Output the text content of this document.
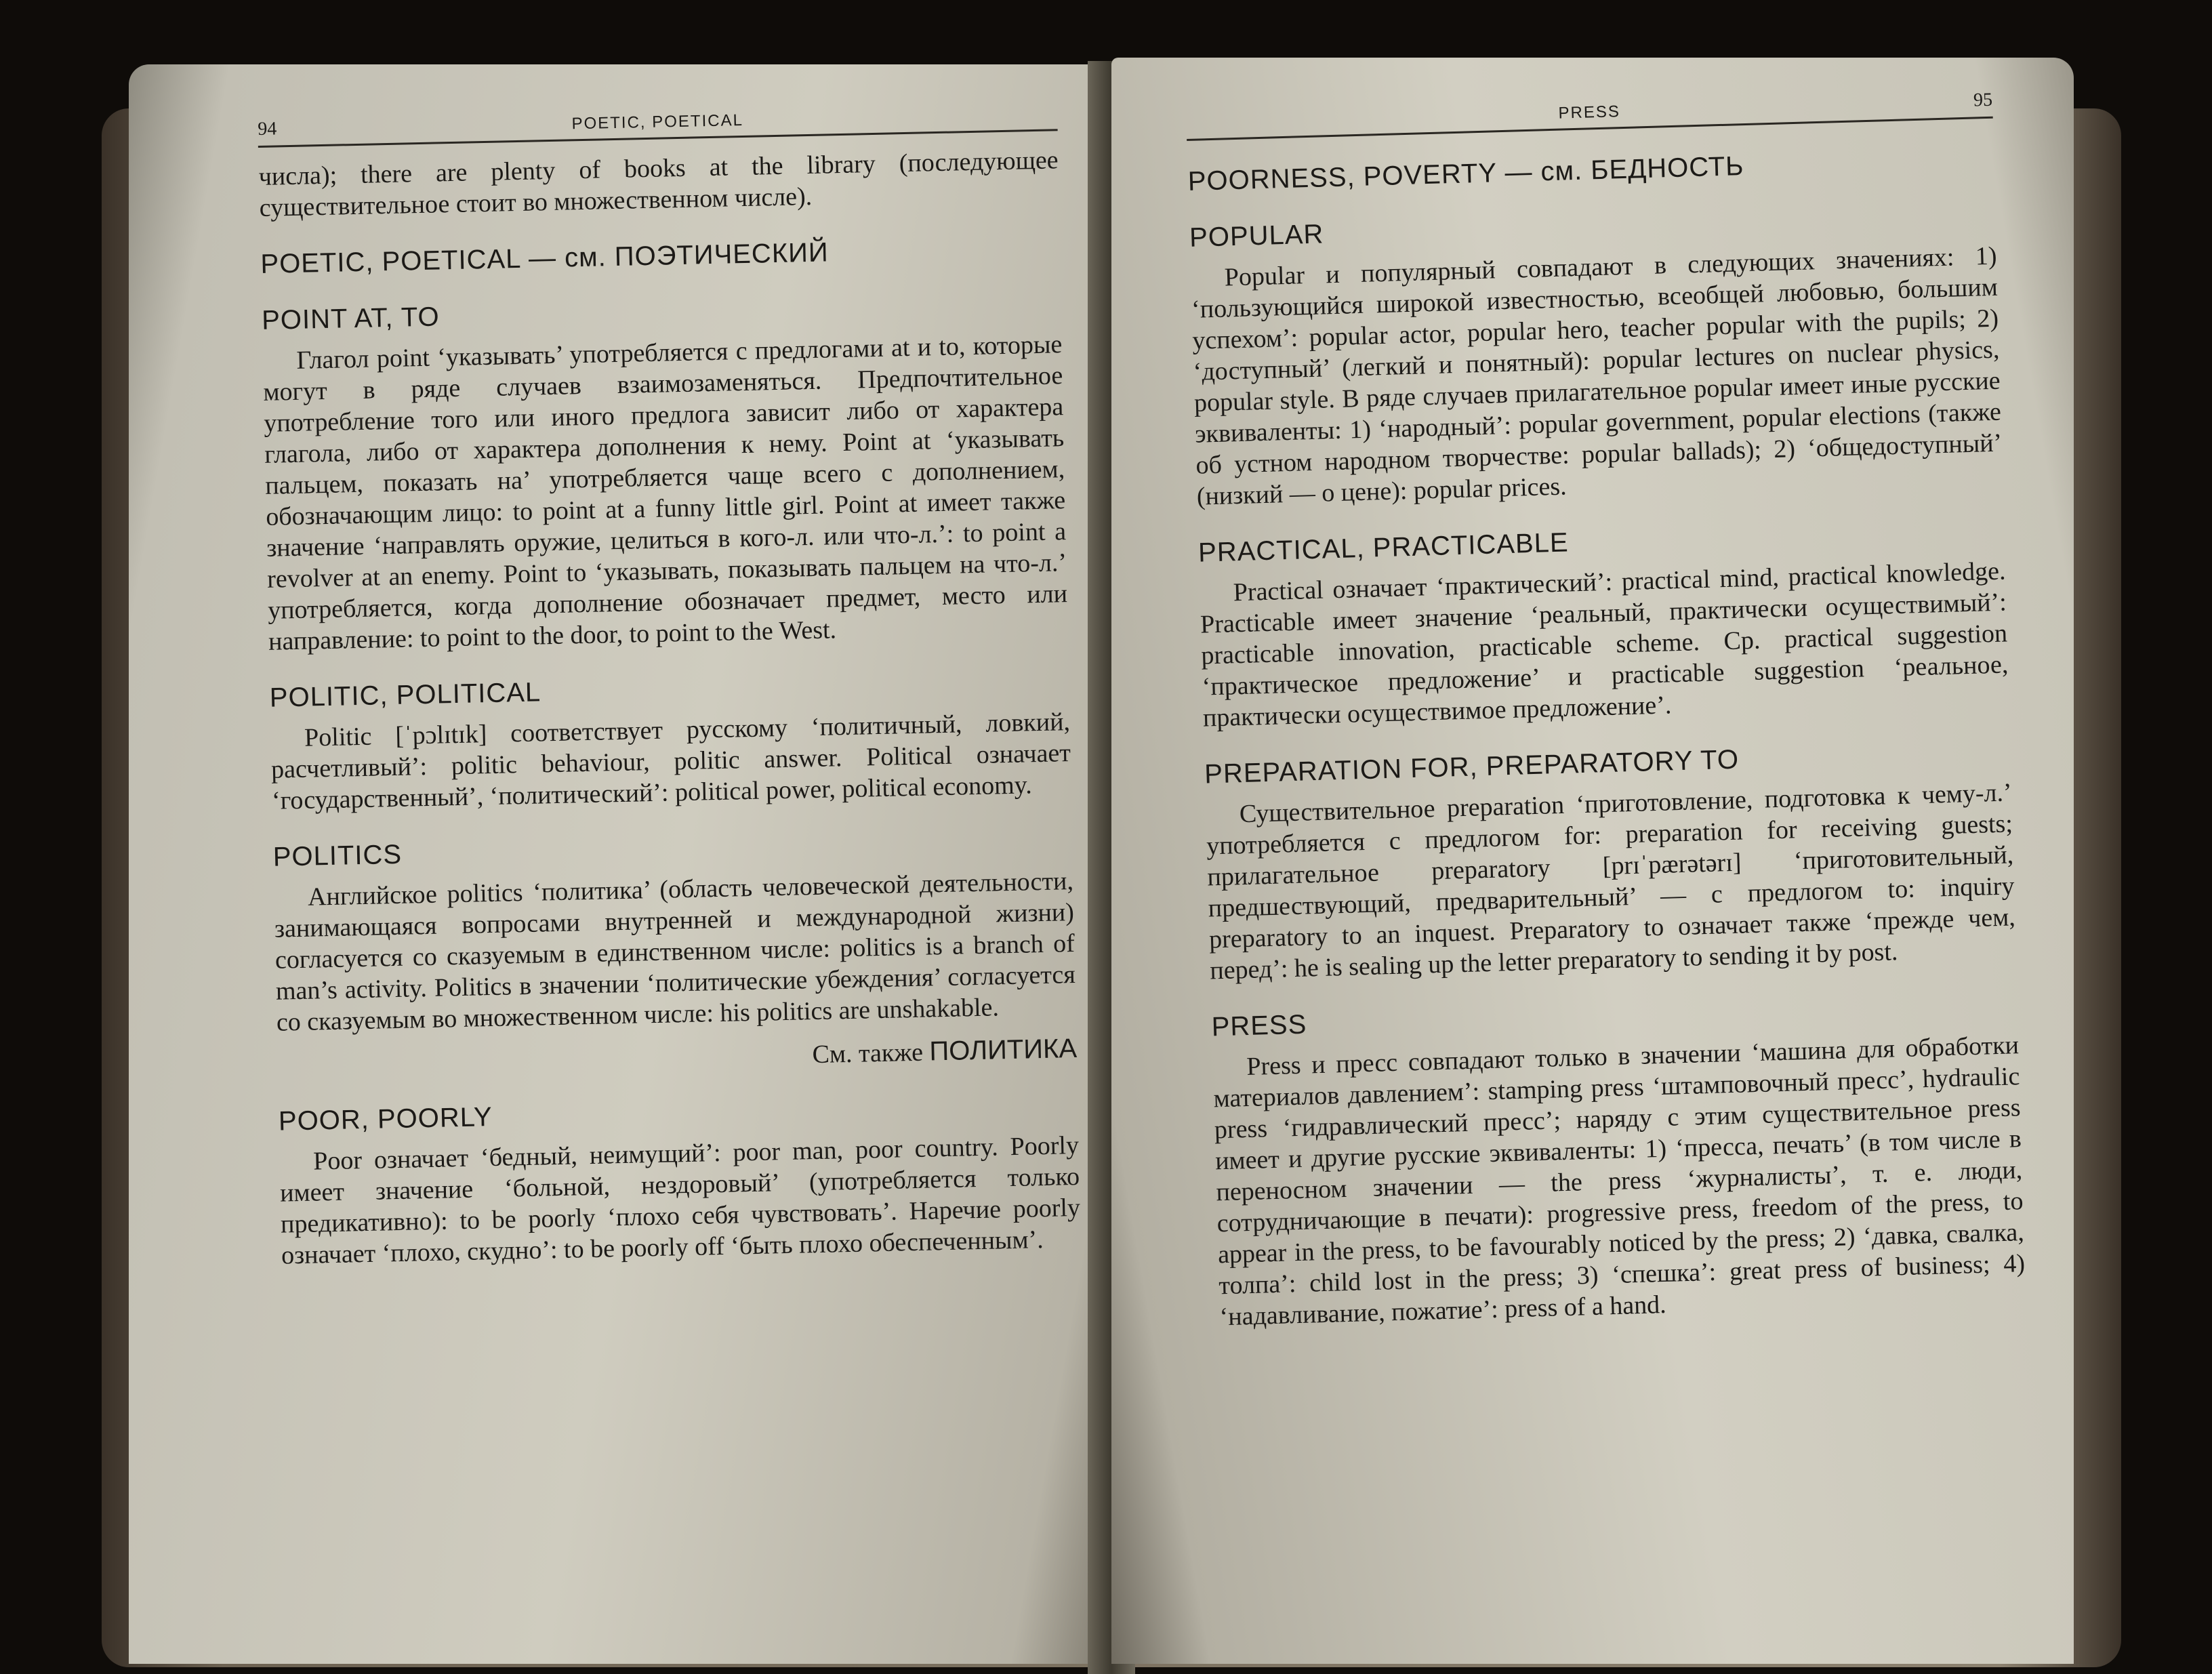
94	POETIC, POETICAL

числа); there are plenty of books at the library (последующее существительное стоит во множественном числе).

POETIC, POETICAL — см. ПОЭТИЧЕСКИЙ
POINT AT, TO

Глагол point ‘указывать’ употребляется с предлогами at и to, которые могут в ряде случаев взаимозаменяться. Предпочтительное употребление того или иного предлога зависит либо от характера глагола, либо от характера дополнения к нему. Point at ‘указывать пальцем, показать на’ употребляется чаще всего с дополнением, обозначающим лицо: to point at a funny little girl. Point at имеет также значение ‘направлять оружие, целиться в кого-л. или что-л.’: to point a revolver at an enemy. Point to ‘указывать, показывать пальцем на что-л.’ употребляется, когда дополнение обозначает предмет, место или направление: to point to the door, to point to the West.

POLITIC, POLITICAL

Politic [ˈpɔlɪtɪk] соответствует русскому ‘политичный, ловкий, расчетливый’: politic behaviour, politic answer. Political означает ‘государственный’, ‘политический’: political power, political economy.

POLITICS

Английское politics ‘политика’ (область человеческой деятельности, занимающаяся вопросами внутренней и международной жизни) согласуется со сказуемым в единственном числе: politics is a branch of man’s activity. Politics в значении ‘политические убеждения’ согласуется со сказуемым во множественном числе: his politics are unshakable.

См. также ПОЛИТИКА
POOR, POORLY

Poor означает ‘бедный, неимущий’: poor man, poor country. Poorly имеет значение ‘больной, нездоровый’ (употребляется только предикативно): to be poorly ‘плохо себя чувствовать’. Наречие poorly означает ‘плохо, скудно’: to be poorly off ‘быть плохо обеспеченным’.

PRESS
95
POORNESS, POVERTY — см. БЕДНОСТЬ
POPULAR

Popular и популярный совпадают в следующих значениях: 1) ‘пользующийся широкой известностью, всеобщей любовью, большим успехом’: popular actor, popular hero, teacher popular with the pupils; 2) ‘доступный’ (легкий и понятный): popular lectures on nuclear physics, popular style. В ряде случаев прилагательное popular имеет иные русские эквиваленты: 1) ‘народный’: popular government, popular elections (также об устном народном творчестве: popular ballads); 2) ‘общедоступный’ (низкий — о цене): popular prices.

PRACTICAL, PRACTICABLE

Practical означает ‘практический’: practical mind, practical knowledge. Practicable имеет значение ‘реальный, практически осуществимый’: practicable innovation, practicable scheme. Ср. practical suggestion ‘практическое предложение’ и practicable suggestion ‘реальное, практически осуществимое предложение’.

PREPARATION FOR, PREPARATORY TO

Существительное preparation ‘приготовление, подготовка к чему-л.’ употребляется с предлогом for: preparation for receiving guests; прилагательное preparatory [prɪˈpærətərɪ] ‘приготовительный, предшествующий, предварительный’ — с предлогом to: inquiry preparatory to an inquest. Preparatory to означает также ‘прежде чем, перед’: he is sealing up the letter preparatory to sending it by post.

PRESS

Press и пресс совпадают только в значении ‘машина для обработки материалов давлением’: stamping press ‘штамповочный пресс’, hydraulic press ‘гидравлический пресс’; наряду с этим существительное press имеет и другие русские эквиваленты: 1) ‘пресса, печать’ (в том числе в переносном значении — the press ‘журналисты’, т. е. люди, сотрудничающие в печати): progressive press, freedom of the press, to appear in the press, to be favourably noticed by the press; 2) ‘давка, свалка, толпа’: child lost in the press; 3) ‘спешка’: great press of business; 4) ‘надавливание, пожатие’: press of a hand.
